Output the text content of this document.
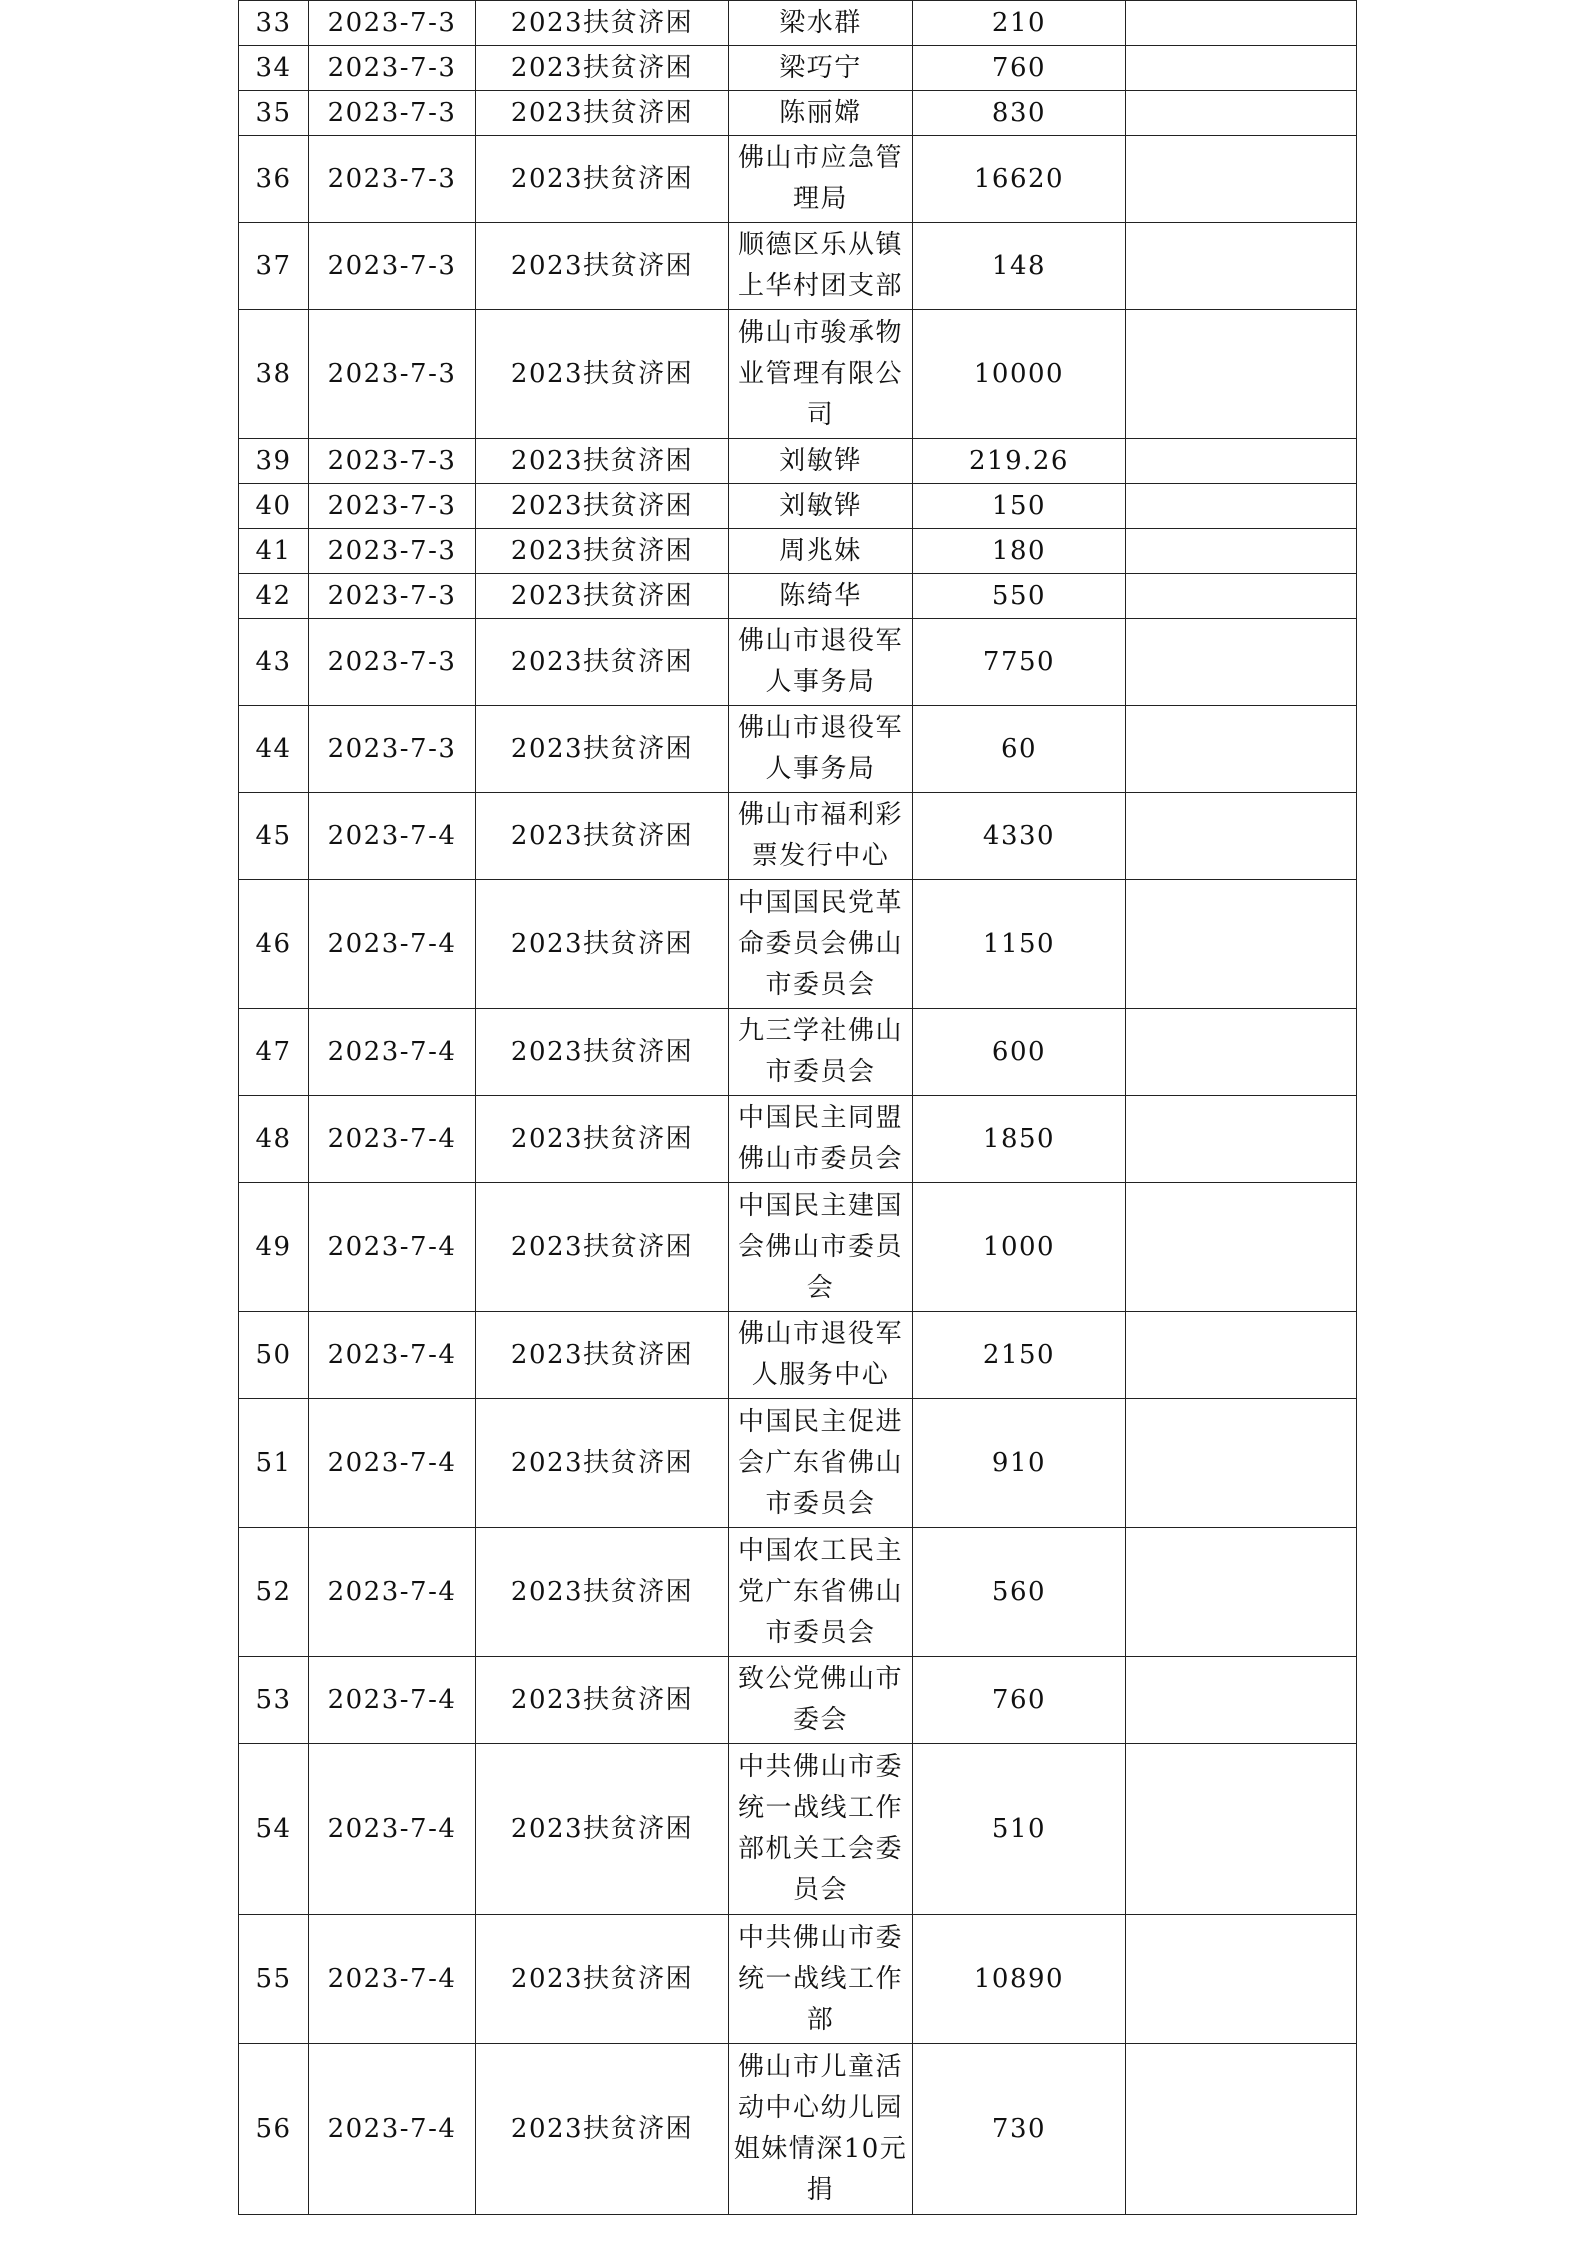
33	2023-7-3	2023扶贫济困	梁水群	210	
34	2023-7-3	2023扶贫济困	梁巧宁	760	
35	2023-7-3	2023扶贫济困	陈丽嫦	830	
36	2023-7-3	2023扶贫济困	佛山市应急管理局	16620	
37	2023-7-3	2023扶贫济困	顺德区乐从镇上华村团支部	148	
38	2023-7-3	2023扶贫济困	佛山市骏承物业管理有限公司	10000	
39	2023-7-3	2023扶贫济困	刘敏铧	219.26	
40	2023-7-3	2023扶贫济困	刘敏铧	150	
41	2023-7-3	2023扶贫济困	周兆妹	180	
42	2023-7-3	2023扶贫济困	陈绮华	550	
43	2023-7-3	2023扶贫济困	佛山市退役军人事务局	7750	
44	2023-7-3	2023扶贫济困	佛山市退役军人事务局	60	
45	2023-7-4	2023扶贫济困	佛山市福利彩票发行中心	4330	
46	2023-7-4	2023扶贫济困	中国国民党革命委员会佛山市委员会	1150	
47	2023-7-4	2023扶贫济困	九三学社佛山市委员会	600	
48	2023-7-4	2023扶贫济困	中国民主同盟佛山市委员会	1850	
49	2023-7-4	2023扶贫济困	中国民主建国会佛山市委员会	1000	
50	2023-7-4	2023扶贫济困	佛山市退役军人服务中心	2150	
51	2023-7-4	2023扶贫济困	中国民主促进会广东省佛山市委员会	910	
52	2023-7-4	2023扶贫济困	中国农工民主党广东省佛山市委员会	560	
53	2023-7-4	2023扶贫济困	致公党佛山市委会	760	
54	2023-7-4	2023扶贫济困	中共佛山市委统一战线工作部机关工会委员会	510	
55	2023-7-4	2023扶贫济困	中共佛山市委统一战线工作部	10890	
56	2023-7-4	2023扶贫济困	佛山市儿童活动中心幼儿园姐妹情深10元捐	730	
